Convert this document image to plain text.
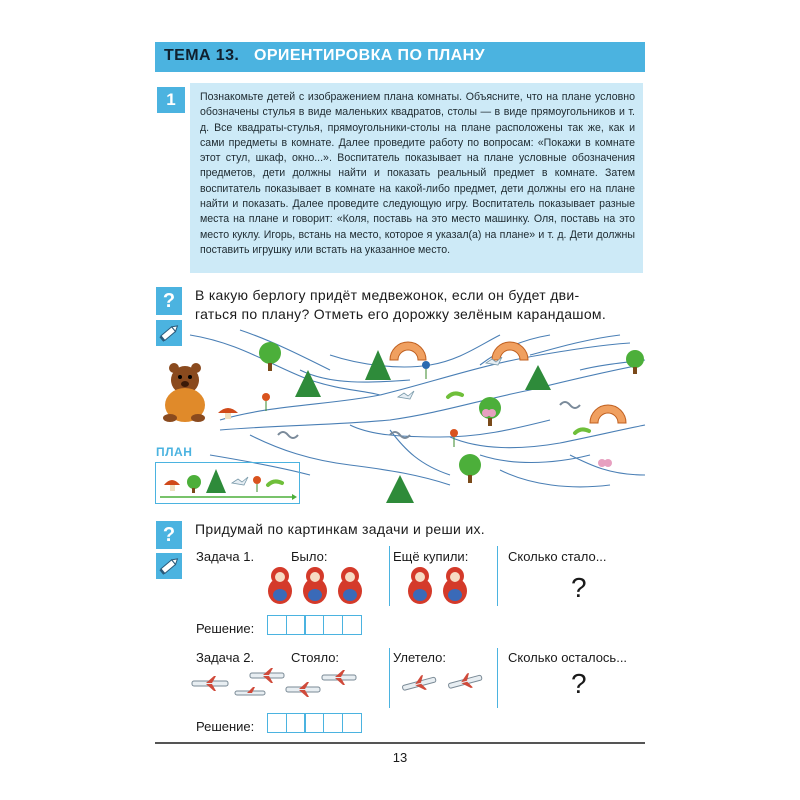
ТЕМА 13. ОРИЕНТИРОВКА ПО ПЛАНУ
1	Познакомьте детей с изображением плана комнаты. Объясните, что на плане условно обозначены стулья в виде маленьких квадратов, столы — в виде прямоугольников и т. д. Все квадраты-стулья, прямоугольники-столы на плане расположены так же, как и сами предметы в комнате. Далее проведите работу по вопросам: «Покажи в комнате этот стул, шкаф, окно...». Воспитатель показывает на плане условные обозначения предметов, дети должны найти и показать реальный предмет в комнате. Затем воспитатель показывает в комнате на какой-либо предмет, дети должны его на плане найти и показать. Далее проведите следующую игру. Воспитатель показывает разные места на плане и говорит: «Коля, поставь на это место машинку. Оля, поставь на это место куклу. Игорь, встань на место, которое я указал(а) на плане» и т. д. Дети должны поставить игрушку или встать на указанное место.

?	В какую берлогу придёт медвежонок, если он будет дви-
гаться по плану? Отметь его дорожку зелёным карандашом.
ПЛАН
?	Придумай по картинкам задачи и реши их.
Задача 1.	Было:	Ещё купили:	Сколько стало...
?
Решение:
Задача 2.	Стояло:	Улетело:	Сколько осталось...
?
Решение:
13
